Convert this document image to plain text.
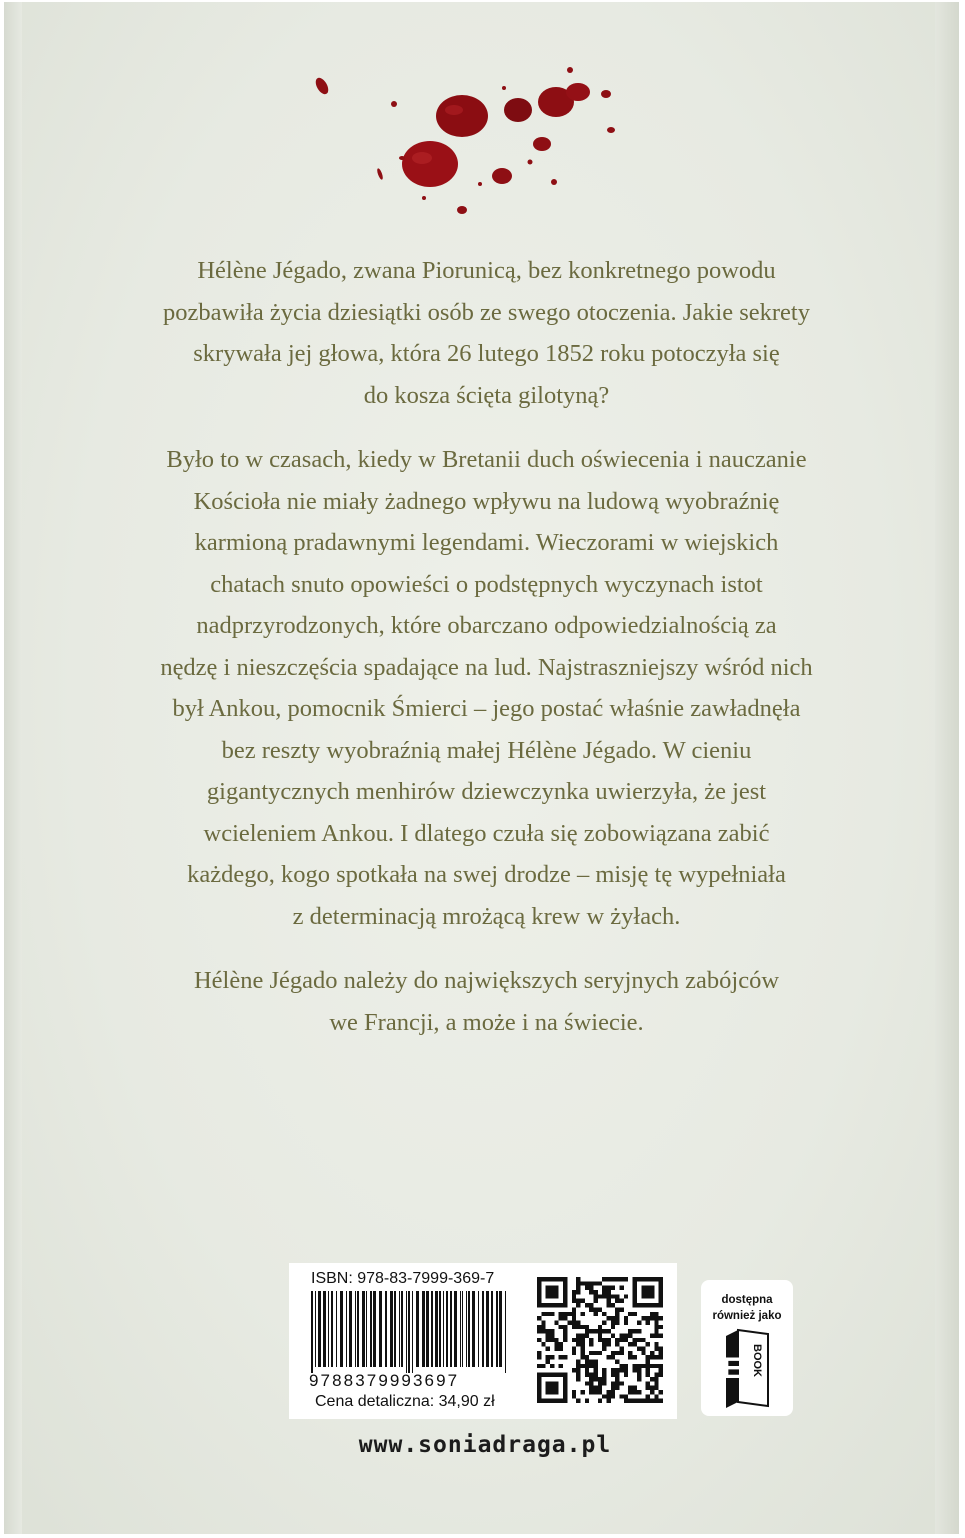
Hélène Jégado, zwana Piorunicą, bez konkretnego powodu
pozbawiła życia dziesiątki osób ze swego otoczenia. Jakie sekrety
skrywała jej głowa, która 26 lutego 1852 roku potoczyła się
do kosza ścięta gilotyną?

Było to w czasach, kiedy w Bretanii duch oświecenia i nauczanie
Kościoła nie miały żadnego wpływu na ludową wyobraźnię
karmioną pradawnymi legendami. Wieczorami w wiejskich
chatach snuto opowieści o podstępnych wyczynach istot
nadprzyrodzonych, które obarczano odpowiedzialnością za
nędzę i nieszczęścia spadające na lud. Najstraszniejszy wśród nich
był Ankou, pomocnik Śmierci – jego postać właśnie zawładnęła
bez reszty wyobraźnią małej Hélène Jégado. W cieniu
gigantycznych menhirów dziewczynka uwierzyła, że jest
wcieleniem Ankou. I dlatego czuła się zobowiązana zabić
każdego, kogo spotkała na swej drodze – misję tę wypełniała
z determinacją mrożącą krew w żyłach.

Hélène Jégado należy do największych seryjnych zabójców
we Francji, a może i na świecie.

ISBN: 978-83-7999-369-7
9788379993697
Cena detaliczna: 34,90 zł
dostępna
również jako
E BOOK
www.soniadraga.pl
